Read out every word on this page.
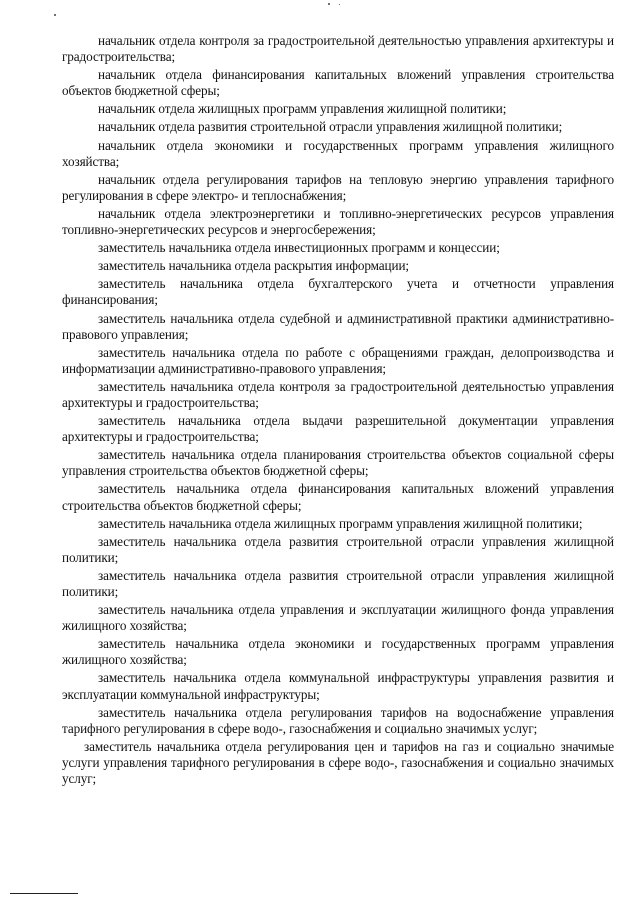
начальник отдела контроля за градостроительной деятельностью управления архитектуры и градостроительства;

начальник отдела финансирования капитальных вложений управления строительства объектов бюджетной сферы;

начальник отдела жилищных программ управления жилищной политики;

начальник отдела развития строительной отрасли управления жилищной политики;

начальник отдела экономики и государственных программ управления жилищного хозяйства;

начальник отдела регулирования тарифов на тепловую энергию управления тарифного регулирования в сфере электро- и теплоснабжения;

начальник отдела электроэнергетики и топливно-энергетических ресурсов управления топливно-энергетических ресурсов и энергосбережения;

заместитель начальника отдела инвестиционных программ и концессии;

заместитель начальника отдела раскрытия информации;

заместитель начальника отдела бухгалтерского учета и отчетности управления финансирования;

заместитель начальника отдела судебной и административной практики административно-правового управления;

заместитель начальника отдела по работе с обращениями граждан, делопроизводства и информатизации административно-правового управления;

заместитель начальника отдела контроля за градостроительной деятельностью управления архитектуры и градостроительства;

заместитель начальника отдела выдачи разрешительной документации управления архитектуры и градостроительства;

заместитель начальника отдела планирования строительства объектов социальной сферы управления строительства объектов бюджетной сферы;

заместитель начальника отдела финансирования капитальных вложений управления строительства объектов бюджетной сферы;

заместитель начальника отдела жилищных программ управления жилищной политики;

заместитель начальника отдела развития строительной отрасли управления жилищной политики;

заместитель начальника отдела развития строительной отрасли управления жилищной политики;

заместитель начальника отдела управления и эксплуатации жилищного фонда управления жилищного хозяйства;

заместитель начальника отдела экономики и государственных программ управления жилищного хозяйства;

заместитель начальника отдела коммунальной инфраструктуры управления развития и эксплуатации коммунальной инфраструктуры;

заместитель начальника отдела регулирования тарифов на водоснабжение управления тарифного регулирования в сфере водо-, газоснабжения и социально значимых услуг;

заместитель начальника отдела регулирования цен и тарифов на газ и социально значимые услуги управления тарифного регулирования в сфере водо-, газоснабжения и социально значимых услуг;
